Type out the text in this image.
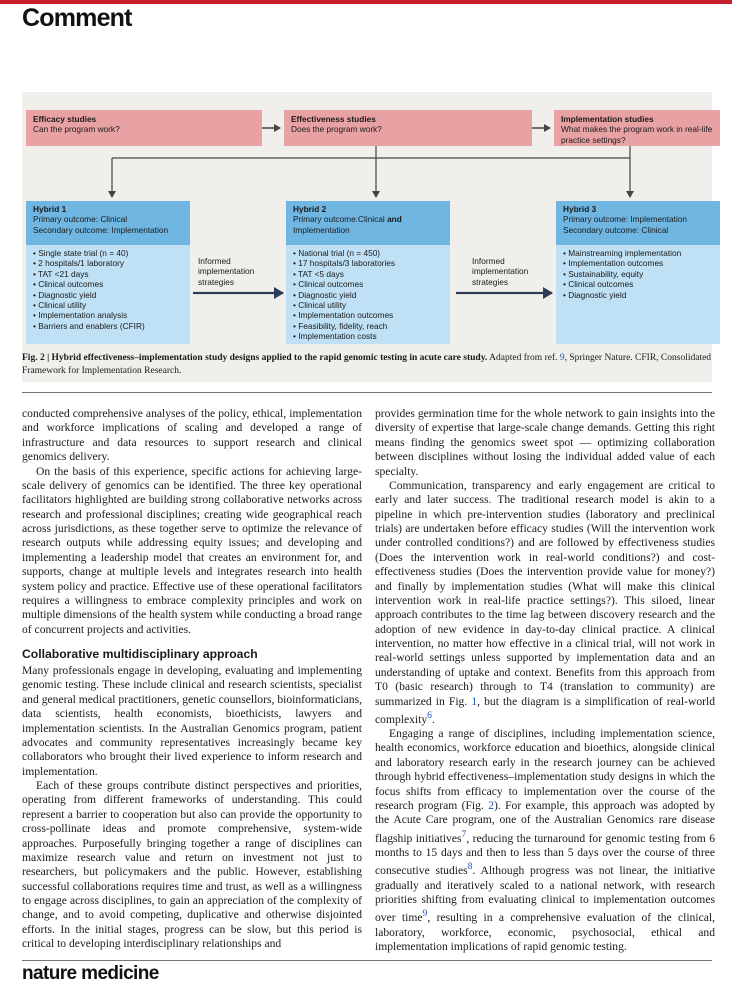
Comment
Efficacy studies
Can the program work?
Effectiveness studies
Does the program work?
Implementation studies
What makes the program work in real-life practice settings?
Hybrid 1
Primary outcome: Clinical
Secondary outcome: Implementation
• Single state trial (n = 40)
• 2 hospitals/1 laboratory
• TAT <21 days
• Clinical outcomes
• Diagnostic yield
• Clinical utility
• Implementation analysis
• Barriers and enablers (CFIR)
Informed implementation strategies
Hybrid 2
Primary outcome:Clinical and
Implementation
• National trial (n = 450)
• 17 hospitals/3 laboratories
• TAT <5 days
• Clinical outcomes
• Diagnostic yield
• Clinical utility
• Implementation outcomes
• Feasibility, fidelity, reach
• Implementation costs
Informed implementation strategies
Hybrid 3
Primary outcome: Implementation
Secondary outcome: Clinical
• Mainstreaming implementation
• Implementation outcomes
• Sustainability, equity
• Clinical outcomes
• Diagnostic yield
Fig. 2 | Hybrid effectiveness–implementation study designs applied to the rapid genomic testing in acute care study. Adapted from ref. 9, Springer Nature. CFIR, Consolidated Framework for Implementation Research.

conducted comprehensive analyses of the policy, ethical, implementation and workforce implications of scaling and developed a range of infrastructure and data resources to support research and clinical genomics delivery.

On the basis of this experience, specific actions for achieving large-scale delivery of genomics can be identified. The three key operational facilitators highlighted are building strong collaborative networks across research and professional disciplines; creating wide geographical reach across jurisdictions, as these together serve to optimize the relevance of research outputs while addressing equity issues; and developing and implementing a leadership model that creates an environment for, and supports, change at multiple levels and integrates research into health system policy and practice. Effective use of these operational facilitators requires a willingness to embrace complexity principles and work on multiple dimensions of the health system while conducting a broad range of concurrent projects and activities.

Collaborative multidisciplinary approach

Many professionals engage in developing, evaluating and implementing genomic testing. These include clinical and research scientists, specialist and general medical practitioners, genetic counsellors, bioinformaticians, data scientists, health economists, bioethicists, lawyers and implementation scientists. In the Australian Genomics program, patient advocates and community representatives increasingly became key collaborators who brought their lived experience to inform research and implementation.

Each of these groups contribute distinct perspectives and priorities, operating from different frameworks of understanding. This could represent a barrier to cooperation but also can provide the opportunity to cross-pollinate ideas and promote comprehensive, system-wide approaches. Purposefully bringing together a range of disciplines can maximize research value and return on investment not just to researchers, but policymakers and the public. However, establishing successful collaborations requires time and trust, as well as a willingness to engage across disciplines, to gain an appreciation of the complexity of change, and to avoid competing, duplicative and otherwise disjointed efforts. In the initial stages, progress can be slow, but this period is critical to developing interdisciplinary relationships and

provides germination time for the whole network to gain insights into the diversity of expertise that large-scale change demands. Getting this right means finding the genomics sweet spot — optimizing collaboration between disciplines without losing the individual added value of each specialty.

Communication, transparency and early engagement are critical to early and later success. The traditional research model is akin to a pipeline in which pre-intervention studies (laboratory and preclinical trials) are undertaken before efficacy studies (Will the intervention work under controlled conditions?) and are followed by effectiveness studies (Does the intervention work in real-world conditions?) and cost-effectiveness studies (Does the intervention provide value for money?) and finally by implementation studies (What will make this clinical intervention work in real-life practice settings?). This siloed, linear approach contributes to the time lag between discovery research and the adoption of new evidence in day-to-day clinical practice. A clinical intervention, no matter how effective in a clinical trial, will not work in real-world settings unless supported by implementation data and an understanding of uptake and context. Benefits from this approach from T0 (basic research) through to T4 (translation to community) are summarized in Fig. 1, but the diagram is a simplification of real-world complexity$^6$.

Engaging a range of disciplines, including implementation science, health economics, workforce education and bioethics, alongside clinical and laboratory research early in the research journey can be achieved through hybrid effectiveness–implementation study designs in which the focus shifts from efficacy to implementation over the course of the research program (Fig. 2). For example, this approach was adopted by the Acute Care program, one of the Australian Genomics rare disease flagship initiatives$^7$, reducing the turnaround for genomic testing from 6 months to 15 days and then to less than 5 days over the course of three consecutive studies$^8$. Although progress was not linear, the initiative gradually and iteratively scaled to a national network, with research priorities shifting from evaluating clinical to implementation outcomes over time$^9$, resulting in a comprehensive evaluation of the clinical, laboratory, workforce, economic, psychosocial, ethical and implementation implications of rapid genomic testing.

nature medicine
